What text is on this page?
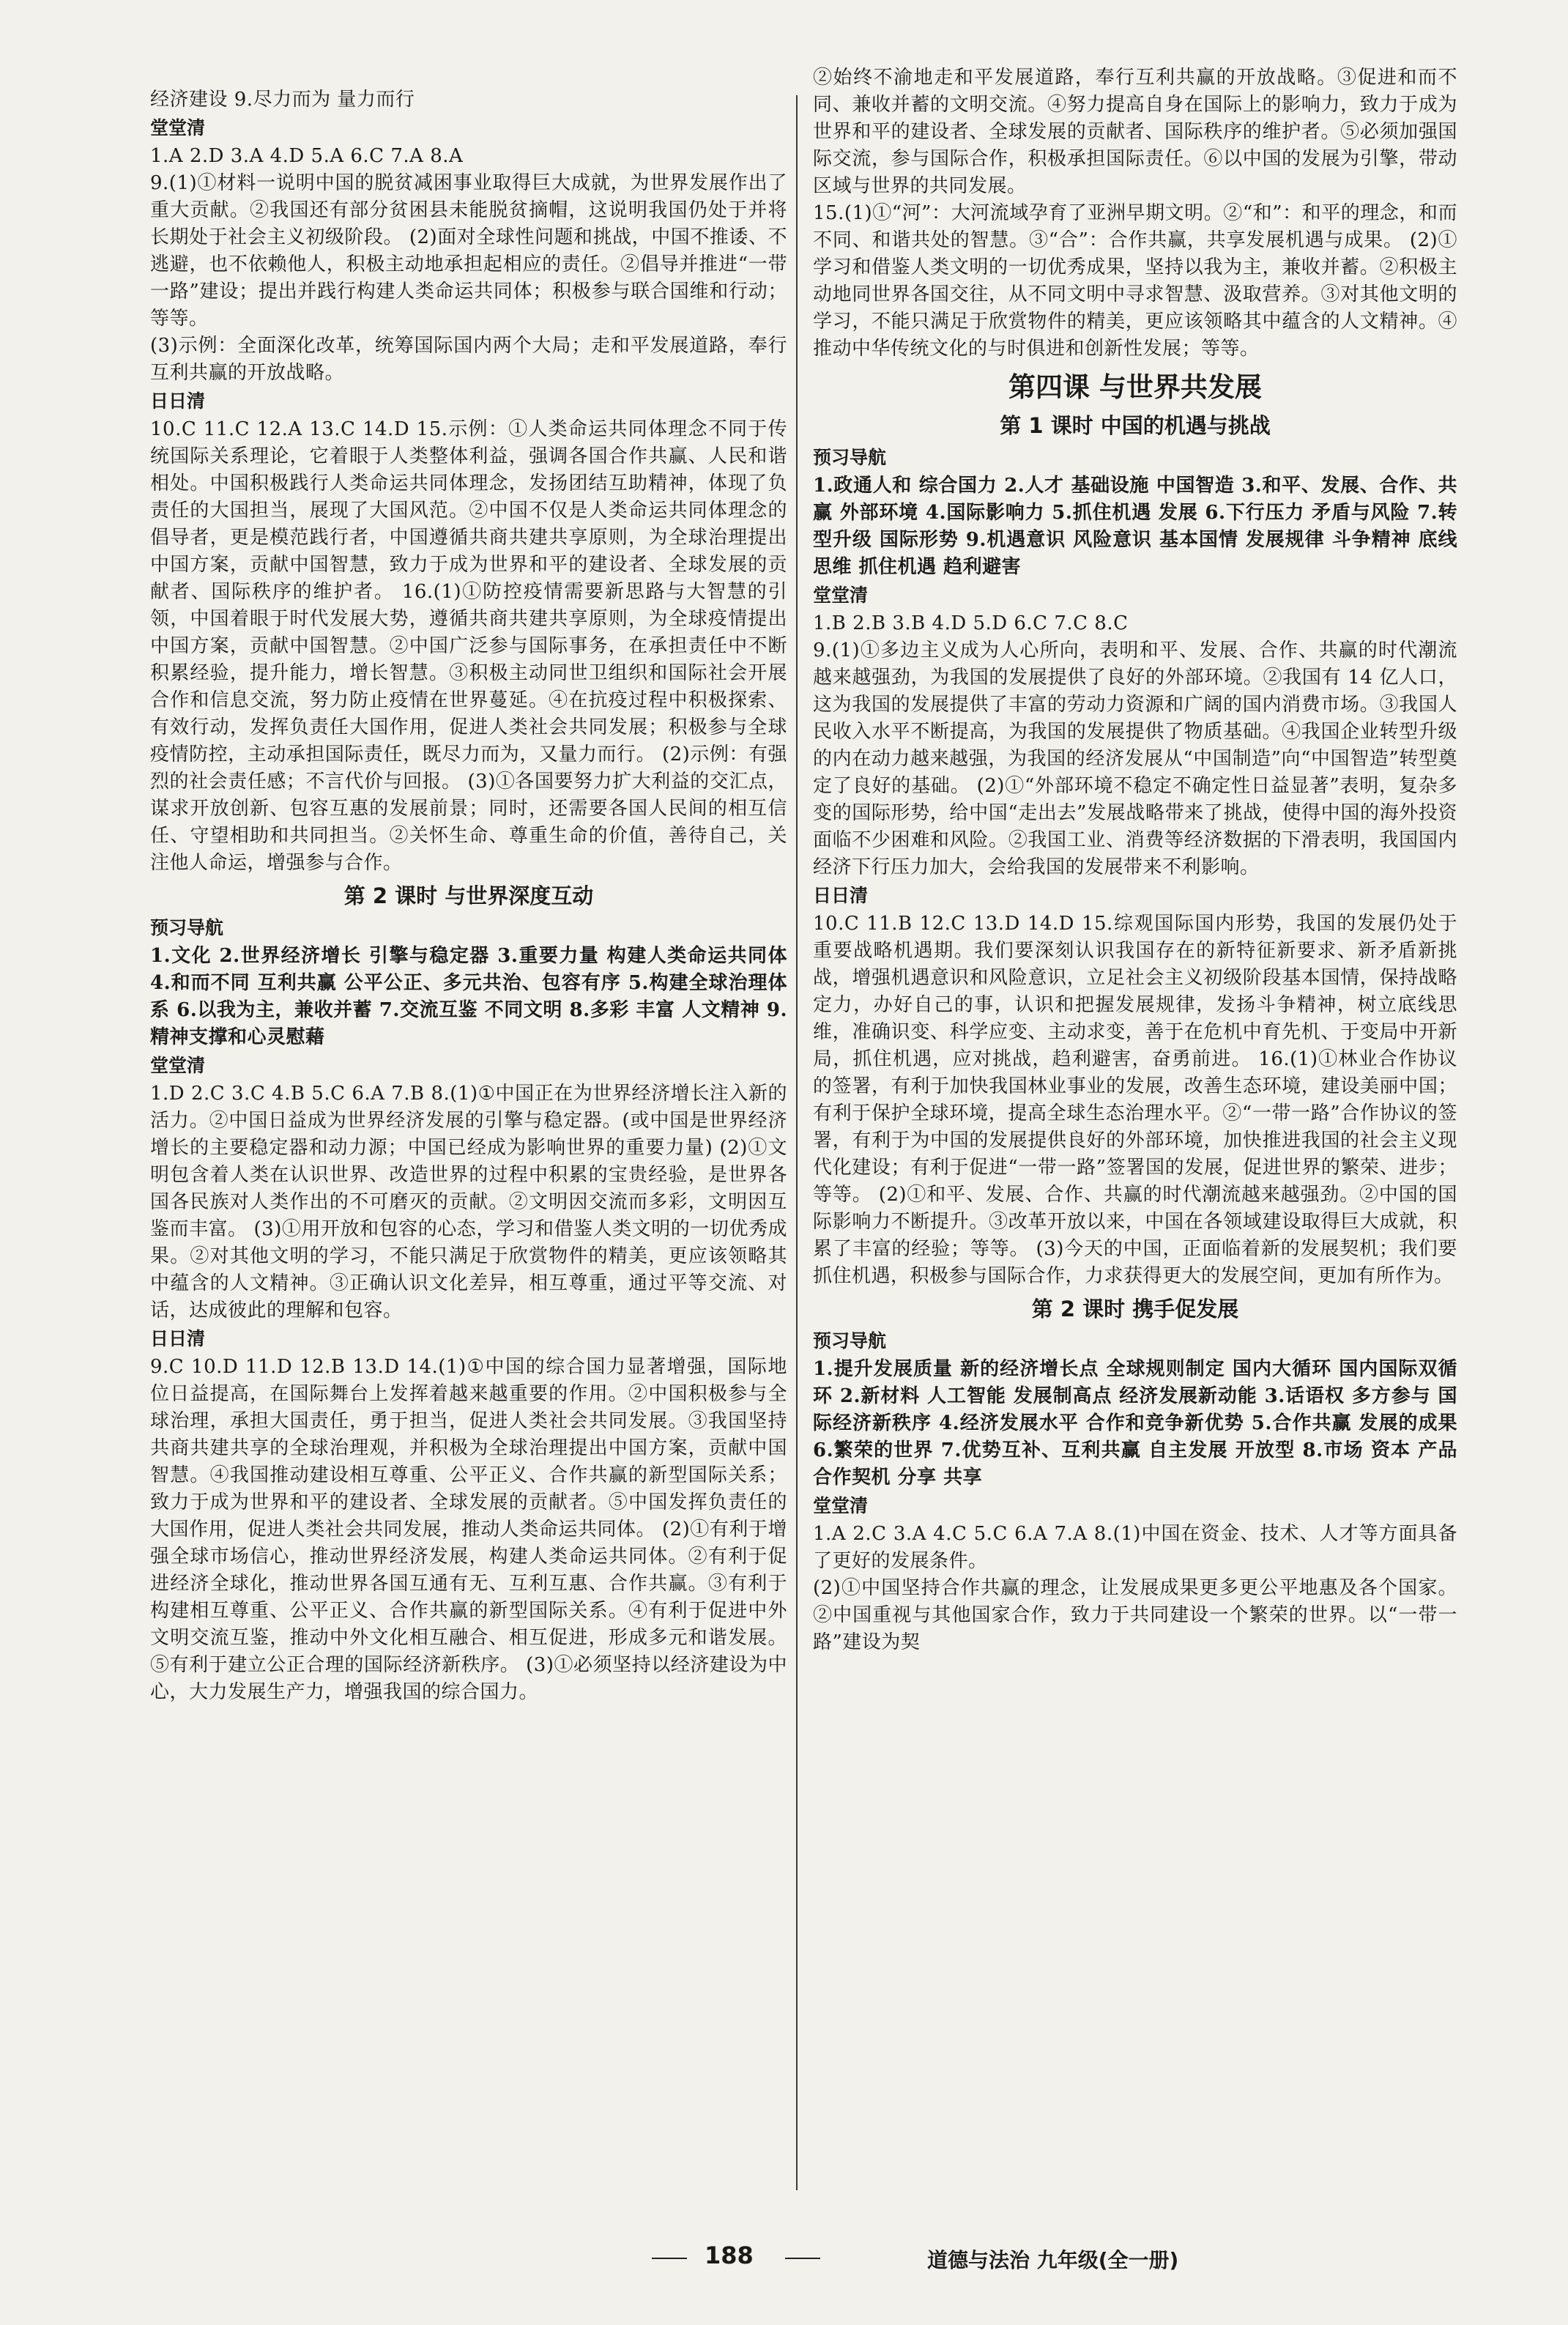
经济建设 9.尽力而为 量力而行
堂堂清
1.A 2.D 3.A 4.D 5.A 6.C 7.A 8.A
9.(1)①材料一说明中国的脱贫减困事业取得巨大成就，为世界发展作出了重大贡献。②我国还有部分贫困县未能脱贫摘帽，这说明我国仍处于并将长期处于社会主义初级阶段。 (2)面对全球性问题和挑战，中国不推诿、不逃避，也不依赖他人，积极主动地承担起相应的责任。②倡导并推进“一带一路”建设；提出并践行构建人类命运共同体；积极参与联合国维和行动；等等。
(3)示例：全面深化改革，统筹国际国内两个大局；走和平发展道路，奉行互利共赢的开放战略。
日日清
10.C 11.C 12.A 13.C 14.D 15.示例：①人类命运共同体理念不同于传统国际关系理论，它着眼于人类整体利益，强调各国合作共赢、人民和谐相处。中国积极践行人类命运共同体理念，发扬团结互助精神，体现了负责任的大国担当，展现了大国风范。②中国不仅是人类命运共同体理念的倡导者，更是模范践行者，中国遵循共商共建共享原则，为全球治理提出中国方案，贡献中国智慧，致力于成为世界和平的建设者、全球发展的贡献者、国际秩序的维护者。 16.(1)①防控疫情需要新思路与大智慧的引领，中国着眼于时代发展大势，遵循共商共建共享原则，为全球疫情提出中国方案，贡献中国智慧。②中国广泛参与国际事务，在承担责任中不断积累经验，提升能力，增长智慧。③积极主动同世卫组织和国际社会开展合作和信息交流，努力防止疫情在世界蔓延。④在抗疫过程中积极探索、有效行动，发挥负责任大国作用，促进人类社会共同发展；积极参与全球疫情防控，主动承担国际责任，既尽力而为，又量力而行。 (2)示例：有强烈的社会责任感；不言代价与回报。 (3)①各国要努力扩大利益的交汇点，谋求开放创新、包容互惠的发展前景；同时，还需要各国人民间的相互信任、守望相助和共同担当。②关怀生命、尊重生命的价值，善待自己，关注他人命运，增强参与合作。
第 2 课时 与世界深度互动
预习导航
1.文化 2.世界经济增长 引擎与稳定器 3.重要力量 构建人类命运共同体 4.和而不同 互利共赢 公平公正、多元共治、包容有序 5.构建全球治理体系 6.以我为主，兼收并蓄 7.交流互鉴 不同文明 8.多彩 丰富 人文精神 9.精神支撑和心灵慰藉
堂堂清
1.D 2.C 3.C 4.B 5.C 6.A 7.B 8.(1)①中国正在为世界经济增长注入新的活力。②中国日益成为世界经济发展的引擎与稳定器。(或中国是世界经济增长的主要稳定器和动力源；中国已经成为影响世界的重要力量) (2)①文明包含着人类在认识世界、改造世界的过程中积累的宝贵经验，是世界各国各民族对人类作出的不可磨灭的贡献。②文明因交流而多彩，文明因互鉴而丰富。 (3)①用开放和包容的心态，学习和借鉴人类文明的一切优秀成果。②对其他文明的学习，不能只满足于欣赏物件的精美，更应该领略其中蕴含的人文精神。③正确认识文化差异，相互尊重，通过平等交流、对话，达成彼此的理解和包容。
日日清
9.C 10.D 11.D 12.B 13.D 14.(1)①中国的综合国力显著增强，国际地位日益提高，在国际舞台上发挥着越来越重要的作用。②中国积极参与全球治理，承担大国责任，勇于担当，促进人类社会共同发展。③我国坚持共商共建共享的全球治理观，并积极为全球治理提出中国方案，贡献中国智慧。④我国推动建设相互尊重、公平正义、合作共赢的新型国际关系；致力于成为世界和平的建设者、全球发展的贡献者。⑤中国发挥负责任的大国作用，促进人类社会共同发展，推动人类命运共同体。 (2)①有利于增强全球市场信心，推动世界经济发展，构建人类命运共同体。②有利于促进经济全球化，推动世界各国互通有无、互利互惠、合作共赢。③有利于构建相互尊重、公平正义、合作共赢的新型国际关系。④有利于促进中外文明交流互鉴，推动中外文化相互融合、相互促进，形成多元和谐发展。⑤有利于建立公正合理的国际经济新秩序。 (3)①必须坚持以经济建设为中心，大力发展生产力，增强我国的综合国力。
②始终不渝地走和平发展道路，奉行互利共赢的开放战略。③促进和而不同、兼收并蓄的文明交流。④努力提高自身在国际上的影响力，致力于成为世界和平的建设者、全球发展的贡献者、国际秩序的维护者。⑤必须加强国际交流，参与国际合作，积极承担国际责任。⑥以中国的发展为引擎，带动区域与世界的共同发展。
15.(1)①“河”：大河流域孕育了亚洲早期文明。②“和”：和平的理念，和而不同、和谐共处的智慧。③“合”：合作共赢，共享发展机遇与成果。 (2)①学习和借鉴人类文明的一切优秀成果，坚持以我为主，兼收并蓄。②积极主动地同世界各国交往，从不同文明中寻求智慧、汲取营养。③对其他文明的学习，不能只满足于欣赏物件的精美，更应该领略其中蕴含的人文精神。④推动中华传统文化的与时俱进和创新性发展；等等。
第四课 与世界共发展
第 1 课时 中国的机遇与挑战
预习导航
1.政通人和 综合国力 2.人才 基础设施 中国智造 3.和平、发展、合作、共赢 外部环境 4.国际影响力 5.抓住机遇 发展 6.下行压力 矛盾与风险 7.转型升级 国际形势 9.机遇意识 风险意识 基本国情 发展规律 斗争精神 底线思维 抓住机遇 趋利避害
堂堂清
1.B 2.B 3.B 4.D 5.D 6.C 7.C 8.C
9.(1)①多边主义成为人心所向，表明和平、发展、合作、共赢的时代潮流越来越强劲，为我国的发展提供了良好的外部环境。②我国有 14 亿人口，这为我国的发展提供了丰富的劳动力资源和广阔的国内消费市场。③我国人民收入水平不断提高，为我国的发展提供了物质基础。④我国企业转型升级的内在动力越来越强，为我国的经济发展从“中国制造”向“中国智造”转型奠定了良好的基础。 (2)①“外部环境不稳定不确定性日益显著”表明，复杂多变的国际形势，给中国“走出去”发展战略带来了挑战，使得中国的海外投资面临不少困难和风险。②我国工业、消费等经济数据的下滑表明，我国国内经济下行压力加大，会给我国的发展带来不利影响。
日日清
10.C 11.B 12.C 13.D 14.D 15.综观国际国内形势，我国的发展仍处于重要战略机遇期。我们要深刻认识我国存在的新特征新要求、新矛盾新挑战，增强机遇意识和风险意识，立足社会主义初级阶段基本国情，保持战略定力，办好自己的事，认识和把握发展规律，发扬斗争精神，树立底线思维，准确识变、科学应变、主动求变，善于在危机中育先机、于变局中开新局，抓住机遇，应对挑战，趋利避害，奋勇前进。 16.(1)①林业合作协议的签署，有利于加快我国林业事业的发展，改善生态环境，建设美丽中国；有利于保护全球环境，提高全球生态治理水平。②“一带一路”合作协议的签署，有利于为中国的发展提供良好的外部环境，加快推进我国的社会主义现代化建设；有利于促进“一带一路”签署国的发展，促进世界的繁荣、进步；等等。 (2)①和平、发展、合作、共赢的时代潮流越来越强劲。②中国的国际影响力不断提升。③改革开放以来，中国在各领域建设取得巨大成就，积累了丰富的经验；等等。 (3)今天的中国，正面临着新的发展契机；我们要抓住机遇，积极参与国际合作，力求获得更大的发展空间，更加有所作为。
第 2 课时 携手促发展
预习导航
1.提升发展质量 新的经济增长点 全球规则制定 国内大循环 国内国际双循环 2.新材料 人工智能 发展制高点 经济发展新动能 3.话语权 多方参与 国际经济新秩序 4.经济发展水平 合作和竞争新优势 5.合作共赢 发展的成果 6.繁荣的世界 7.优势互补、互利共赢 自主发展 开放型 8.市场 资本 产品 合作契机 分享 共享
堂堂清
1.A 2.C 3.A 4.C 5.C 6.A 7.A 8.(1)中国在资金、技术、人才等方面具备了更好的发展条件。
(2)①中国坚持合作共赢的理念，让发展成果更多更公平地惠及各个国家。②中国重视与其他国家合作，致力于共同建设一个繁荣的世界。以“一带一路”建设为契
188	道德与法治 九年级(全一册)
